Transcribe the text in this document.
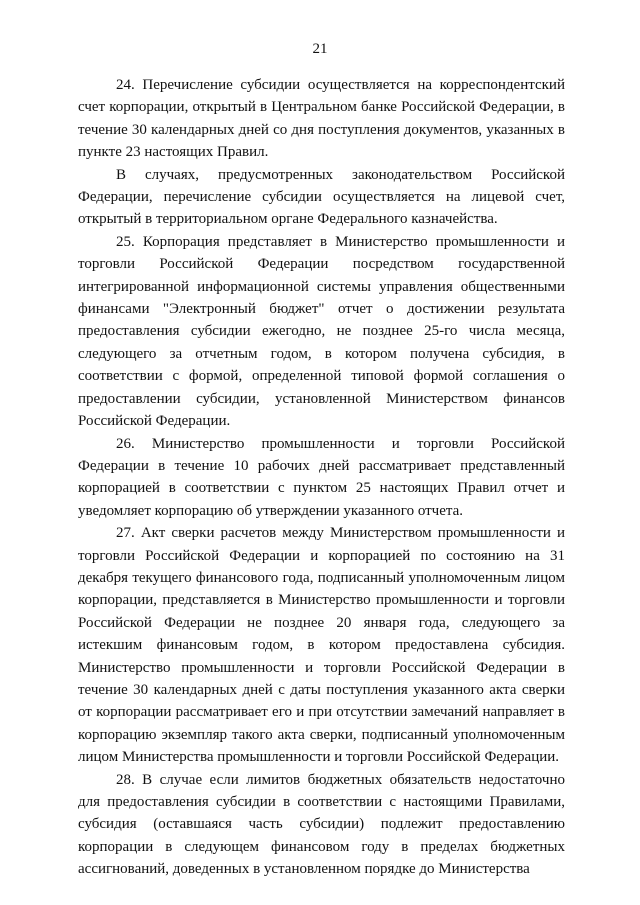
21

24. Перечисление субсидии осуществляется на корреспондентский счет корпорации, открытый в Центральном банке Российской Федерации, в течение 30 календарных дней со дня поступления документов, указанных в пункте 23 настоящих Правил.

В случаях, предусмотренных законодательством Российской Федерации, перечисление субсидии осуществляется на лицевой счет, открытый в территориальном органе Федерального казначейства.

25. Корпорация представляет в Министерство промышленности и торговли Российской Федерации посредством государственной интегрированной информационной системы управления общественными финансами "Электронный бюджет" отчет о достижении результата предоставления субсидии ежегодно, не позднее 25-го числа месяца, следующего за отчетным годом, в котором получена субсидия, в соответствии с формой, определенной типовой формой соглашения о предоставлении субсидии, установленной Министерством финансов Российской Федерации.

26. Министерство промышленности и торговли Российской Федерации в течение 10 рабочих дней рассматривает представленный корпорацией в соответствии с пунктом 25 настоящих Правил отчет и уведомляет корпорацию об утверждении указанного отчета.

27. Акт сверки расчетов между Министерством промышленности и торговли Российской Федерации и корпорацией по состоянию на 31 декабря текущего финансового года, подписанный уполномоченным лицом корпорации, представляется в Министерство промышленности и торговли Российской Федерации не позднее 20 января года, следующего за истекшим финансовым годом, в котором предоставлена субсидия. Министерство промышленности и торговли Российской Федерации в течение 30 календарных дней с даты поступления указанного акта сверки от корпорации рассматривает его и при отсутствии замечаний направляет в корпорацию экземпляр такого акта сверки, подписанный уполномоченным лицом Министерства промышленности и торговли Российской Федерации.

28. В случае если лимитов бюджетных обязательств недостаточно для предоставления субсидии в соответствии с настоящими Правилами, субсидия (оставшаяся часть субсидии) подлежит предоставлению корпорации в следующем финансовом году в пределах бюджетных ассигнований, доведенных в установленном порядке до Министерства
